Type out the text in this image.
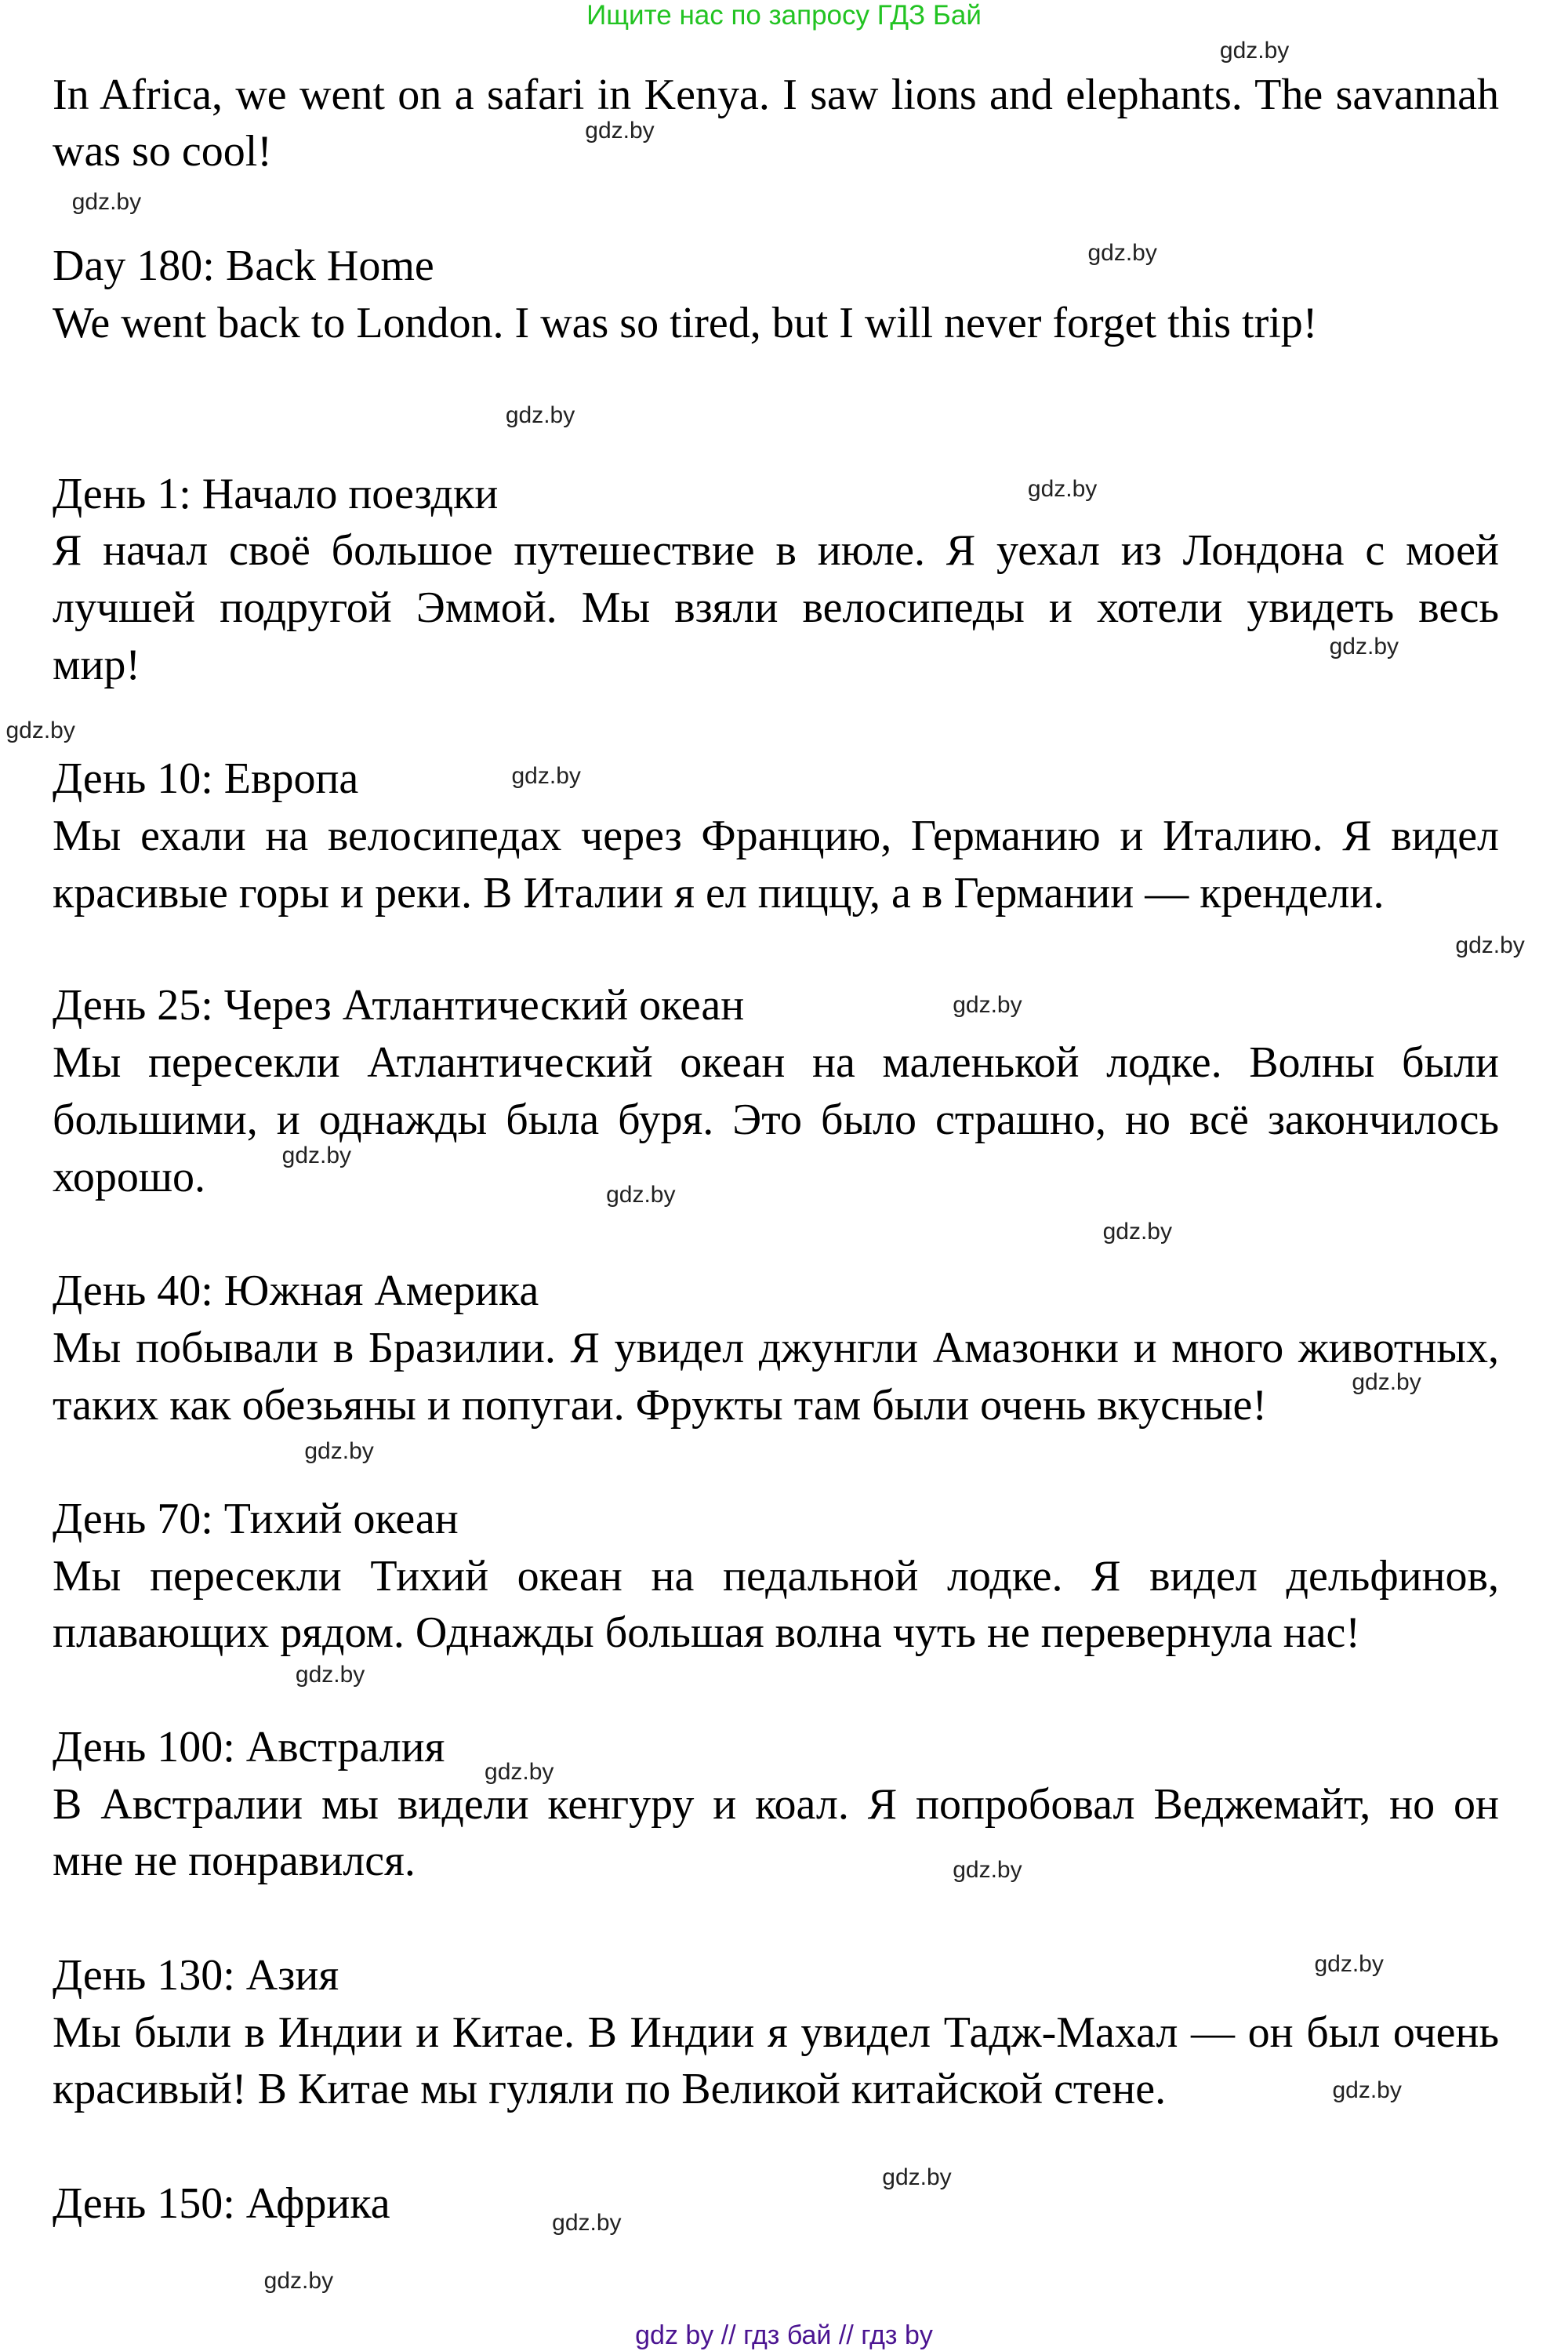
Ищите нас по запросу ГДЗ Бай
In Africa, we went on a safari in Kenya. I saw lions and elephants. The savannah
was so cool!
Day 180: Back Home
We went back to London. I was so tired, but I will never forget this trip!
День 1: Начало поездки
Я начал своё большое путешествие в июле. Я уехал из Лондона с моей
лучшей подругой Эммой. Мы взяли велосипеды и хотели увидеть весь
мир!
День 10: Европа
Мы ехали на велосипедах через Францию, Германию и Италию. Я видел
красивые горы и реки. В Италии я ел пиццу, а в Германии — крендели.
День 25: Через Атлантический океан
Мы пересекли Атлантический океан на маленькой лодке. Волны были
большими, и однажды была буря. Это было страшно, но всё закончилось
хорошо.
День 40: Южная Америка
Мы побывали в Бразилии. Я увидел джунгли Амазонки и много животных,
таких как обезьяны и попугаи. Фрукты там были очень вкусные!
День 70: Тихий океан
Мы пересекли Тихий океан на педальной лодке. Я видел дельфинов,
плавающих рядом. Однажды большая волна чуть не перевернула нас!
День 100: Австралия
В Австралии мы видели кенгуру и коал. Я попробовал Веджемайт, но он
мне не понравился.
День 130: Азия
Мы были в Индии и Китае. В Индии я увидел Тадж-Махал — он был очень
красивый! В Китае мы гуляли по Великой китайской стене.
День 150: Африка
gdz.by
gdz.by
gdz.by
gdz.by
gdz.by
gdz.by
gdz.by
gdz.by
gdz.by
gdz.by
gdz.by
gdz.by
gdz.by
gdz.by
gdz.by
gdz.by
gdz.by
gdz.by
gdz.by
gdz.by
gdz.by
gdz.by
gdz.by
gdz.by
gdz by // гдз бай // гдз by
